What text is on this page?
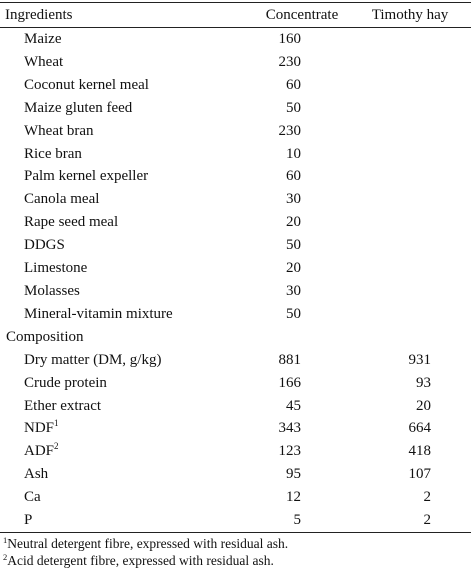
Ingredients	Concentrate	Timothy hay
Maize	160	
Wheat	230	
Coconut kernel meal	60	
Maize gluten feed	50	
Wheat bran	230	
Rice bran	10	
Palm kernel expeller	60	
Canola meal	30	
Rape seed meal	20	
DDGS	50	
Limestone	20	
Molasses	30	
Mineral-vitamin mixture	50	
Composition		
Dry matter (DM, g/kg)	881	931
Crude protein	166	93
Ether extract	45	20
NDF$^1$	343	664
ADF$^2$	123	418
Ash	95	107
Ca	12	2
P	5	2
$^1$Neutral detergent fibre, expressed with residual ash.
$^2$Acid detergent fibre, expressed with residual ash.
